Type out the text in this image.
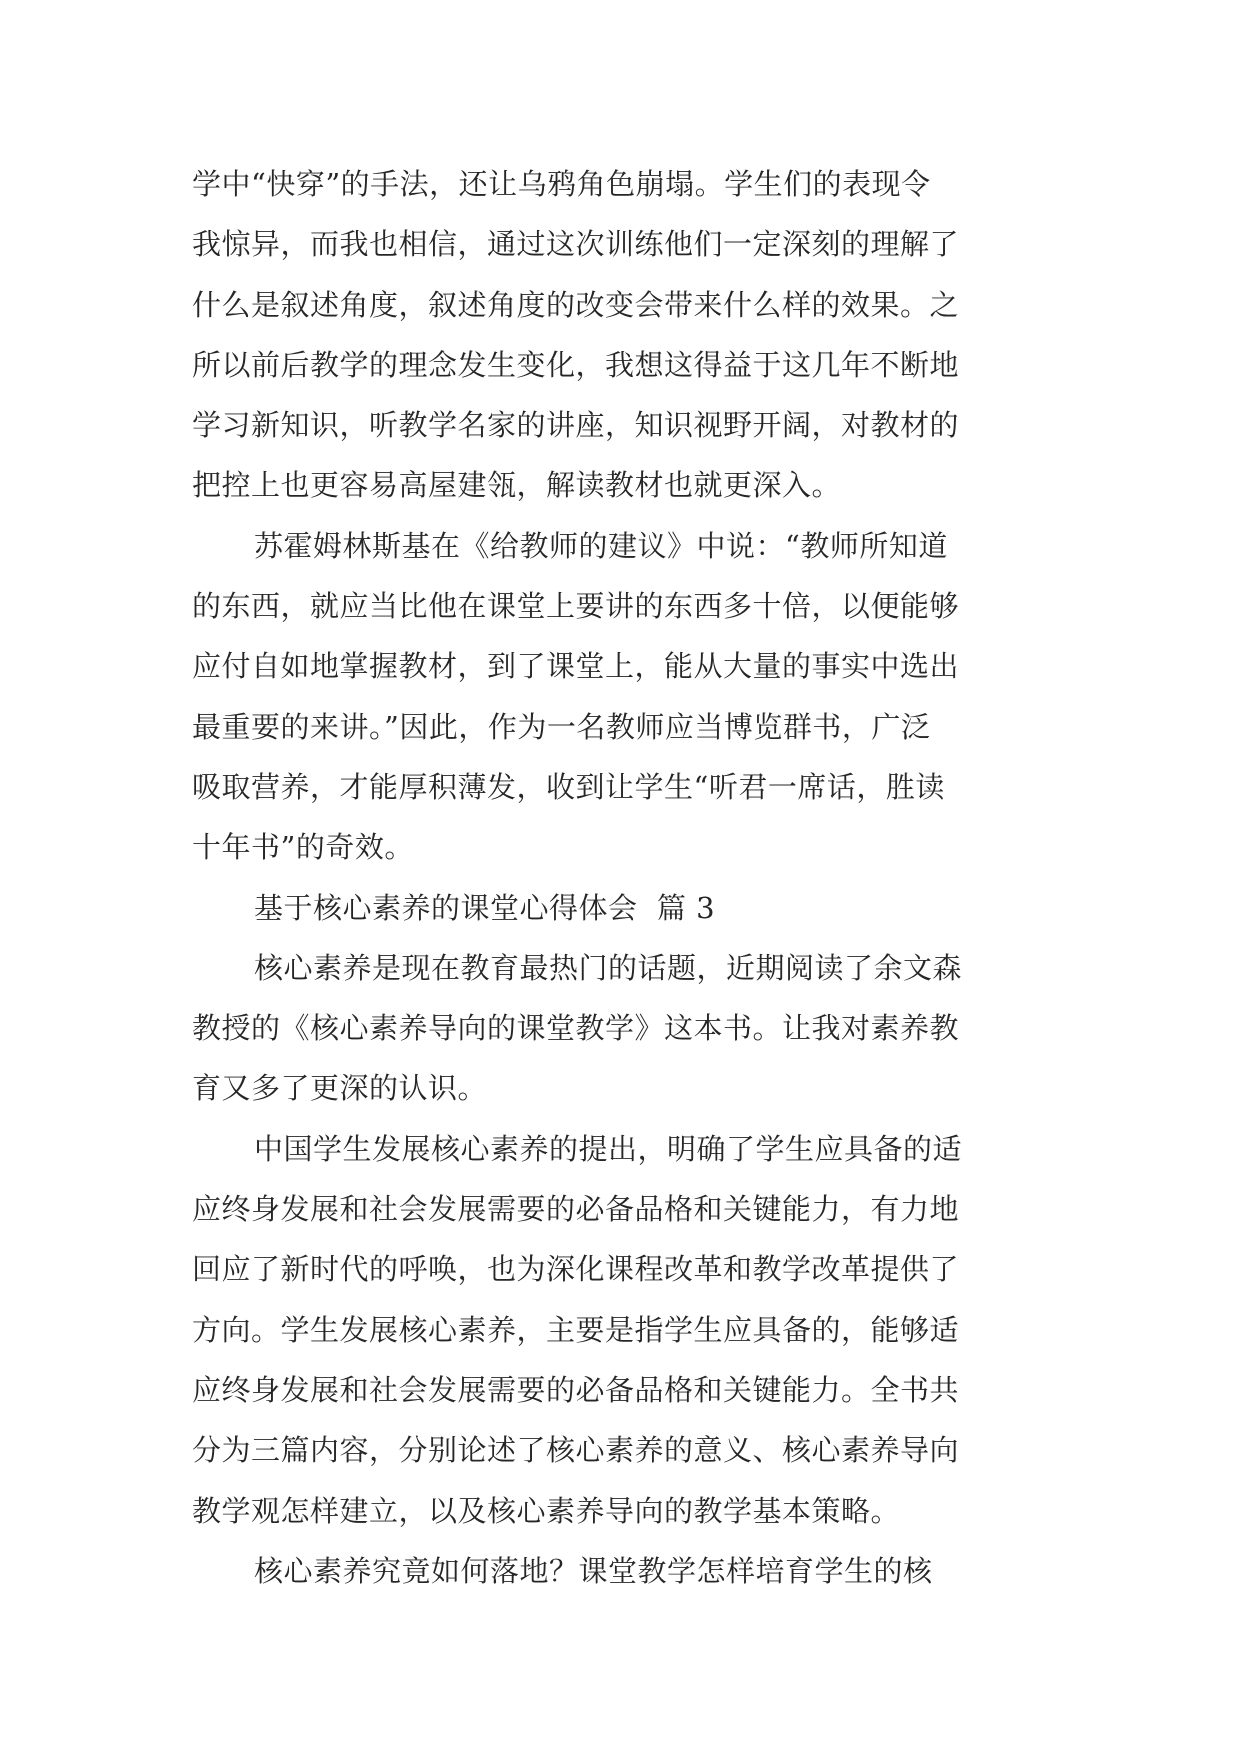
学中“快穿”的手法，还让乌鸦角色崩塌。学生们的表现令
我惊异，而我也相信，通过这次训练他们一定深刻的理解了
什么是叙述角度，叙述角度的改变会带来什么样的效果。之
所以前后教学的理念发生变化，我想这得益于这几年不断地
学习新知识，听教学名家的讲座，知识视野开阔，对教材的
把控上也更容易高屋建瓴，解读教材也就更深入。
苏霍姆林斯基在《给教师的建议》中说：“教师所知道
的东西，就应当比他在课堂上要讲的东西多十倍，以便能够
应付自如地掌握教材，到了课堂上，能从大量的事实中选出
最重要的来讲。”因此，作为一名教师应当博览群书，广泛
吸取营养，才能厚积薄发，收到让学生“听君一席话，胜读
十年书”的奇效。
基于核心素养的课堂心得体会  篇 3
核心素养是现在教育最热门的话题，近期阅读了余文森
教授的《核心素养导向的课堂教学》这本书。让我对素养教
育又多了更深的认识。
中国学生发展核心素养的提出，明确了学生应具备的适
应终身发展和社会发展需要的必备品格和关键能力，有力地
回应了新时代的呼唤，也为深化课程改革和教学改革提供了
方向。学生发展核心素养，主要是指学生应具备的，能够适
应终身发展和社会发展需要的必备品格和关键能力。全书共
分为三篇内容，分别论述了核心素养的意义、核心素养导向
教学观怎样建立，以及核心素养导向的教学基本策略。
核心素养究竟如何落地？课堂教学怎样培育学生的核
